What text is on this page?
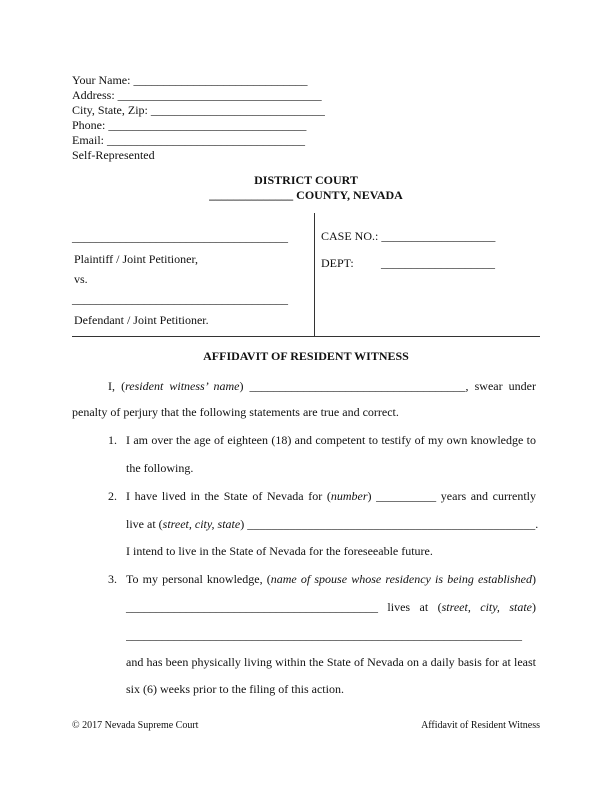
Your Name: _____________________________
Address: __________________________________
City, State, Zip: _____________________________
Phone: _________________________________
Email: _________________________________
Self-Represented
DISTRICT COURT
______________ COUNTY, NEVADA
____________________________________
Plaintiff / Joint Petitioner,
vs.
____________________________________
Defendant / Joint Petitioner.
CASE NO.: ___________________
DEPT: ___________________
AFFIDAVIT OF RESIDENT WITNESS
I, (resident witness’ name) ____________________________________, swear under
penalty of perjury that the following statements are true and correct.
1. I am over the age of eighteen (18) and competent to testify of my own knowledge to
the following.
2. I have lived in the State of Nevada for (number) __________ years and currently
live at (street, city, state) ________________________________________________.
I intend to live in the State of Nevada for the foreseeable future.
3. To my personal knowledge, (name of spouse whose residency is being established)
__________________________________________ lives at (street, city, state)
__________________________________________________________________
and has been physically living within the State of Nevada on a daily basis for at least
six (6) weeks prior to the filing of this action.
© 2017 Nevada Supreme Court	Affidavit of Resident Witness
